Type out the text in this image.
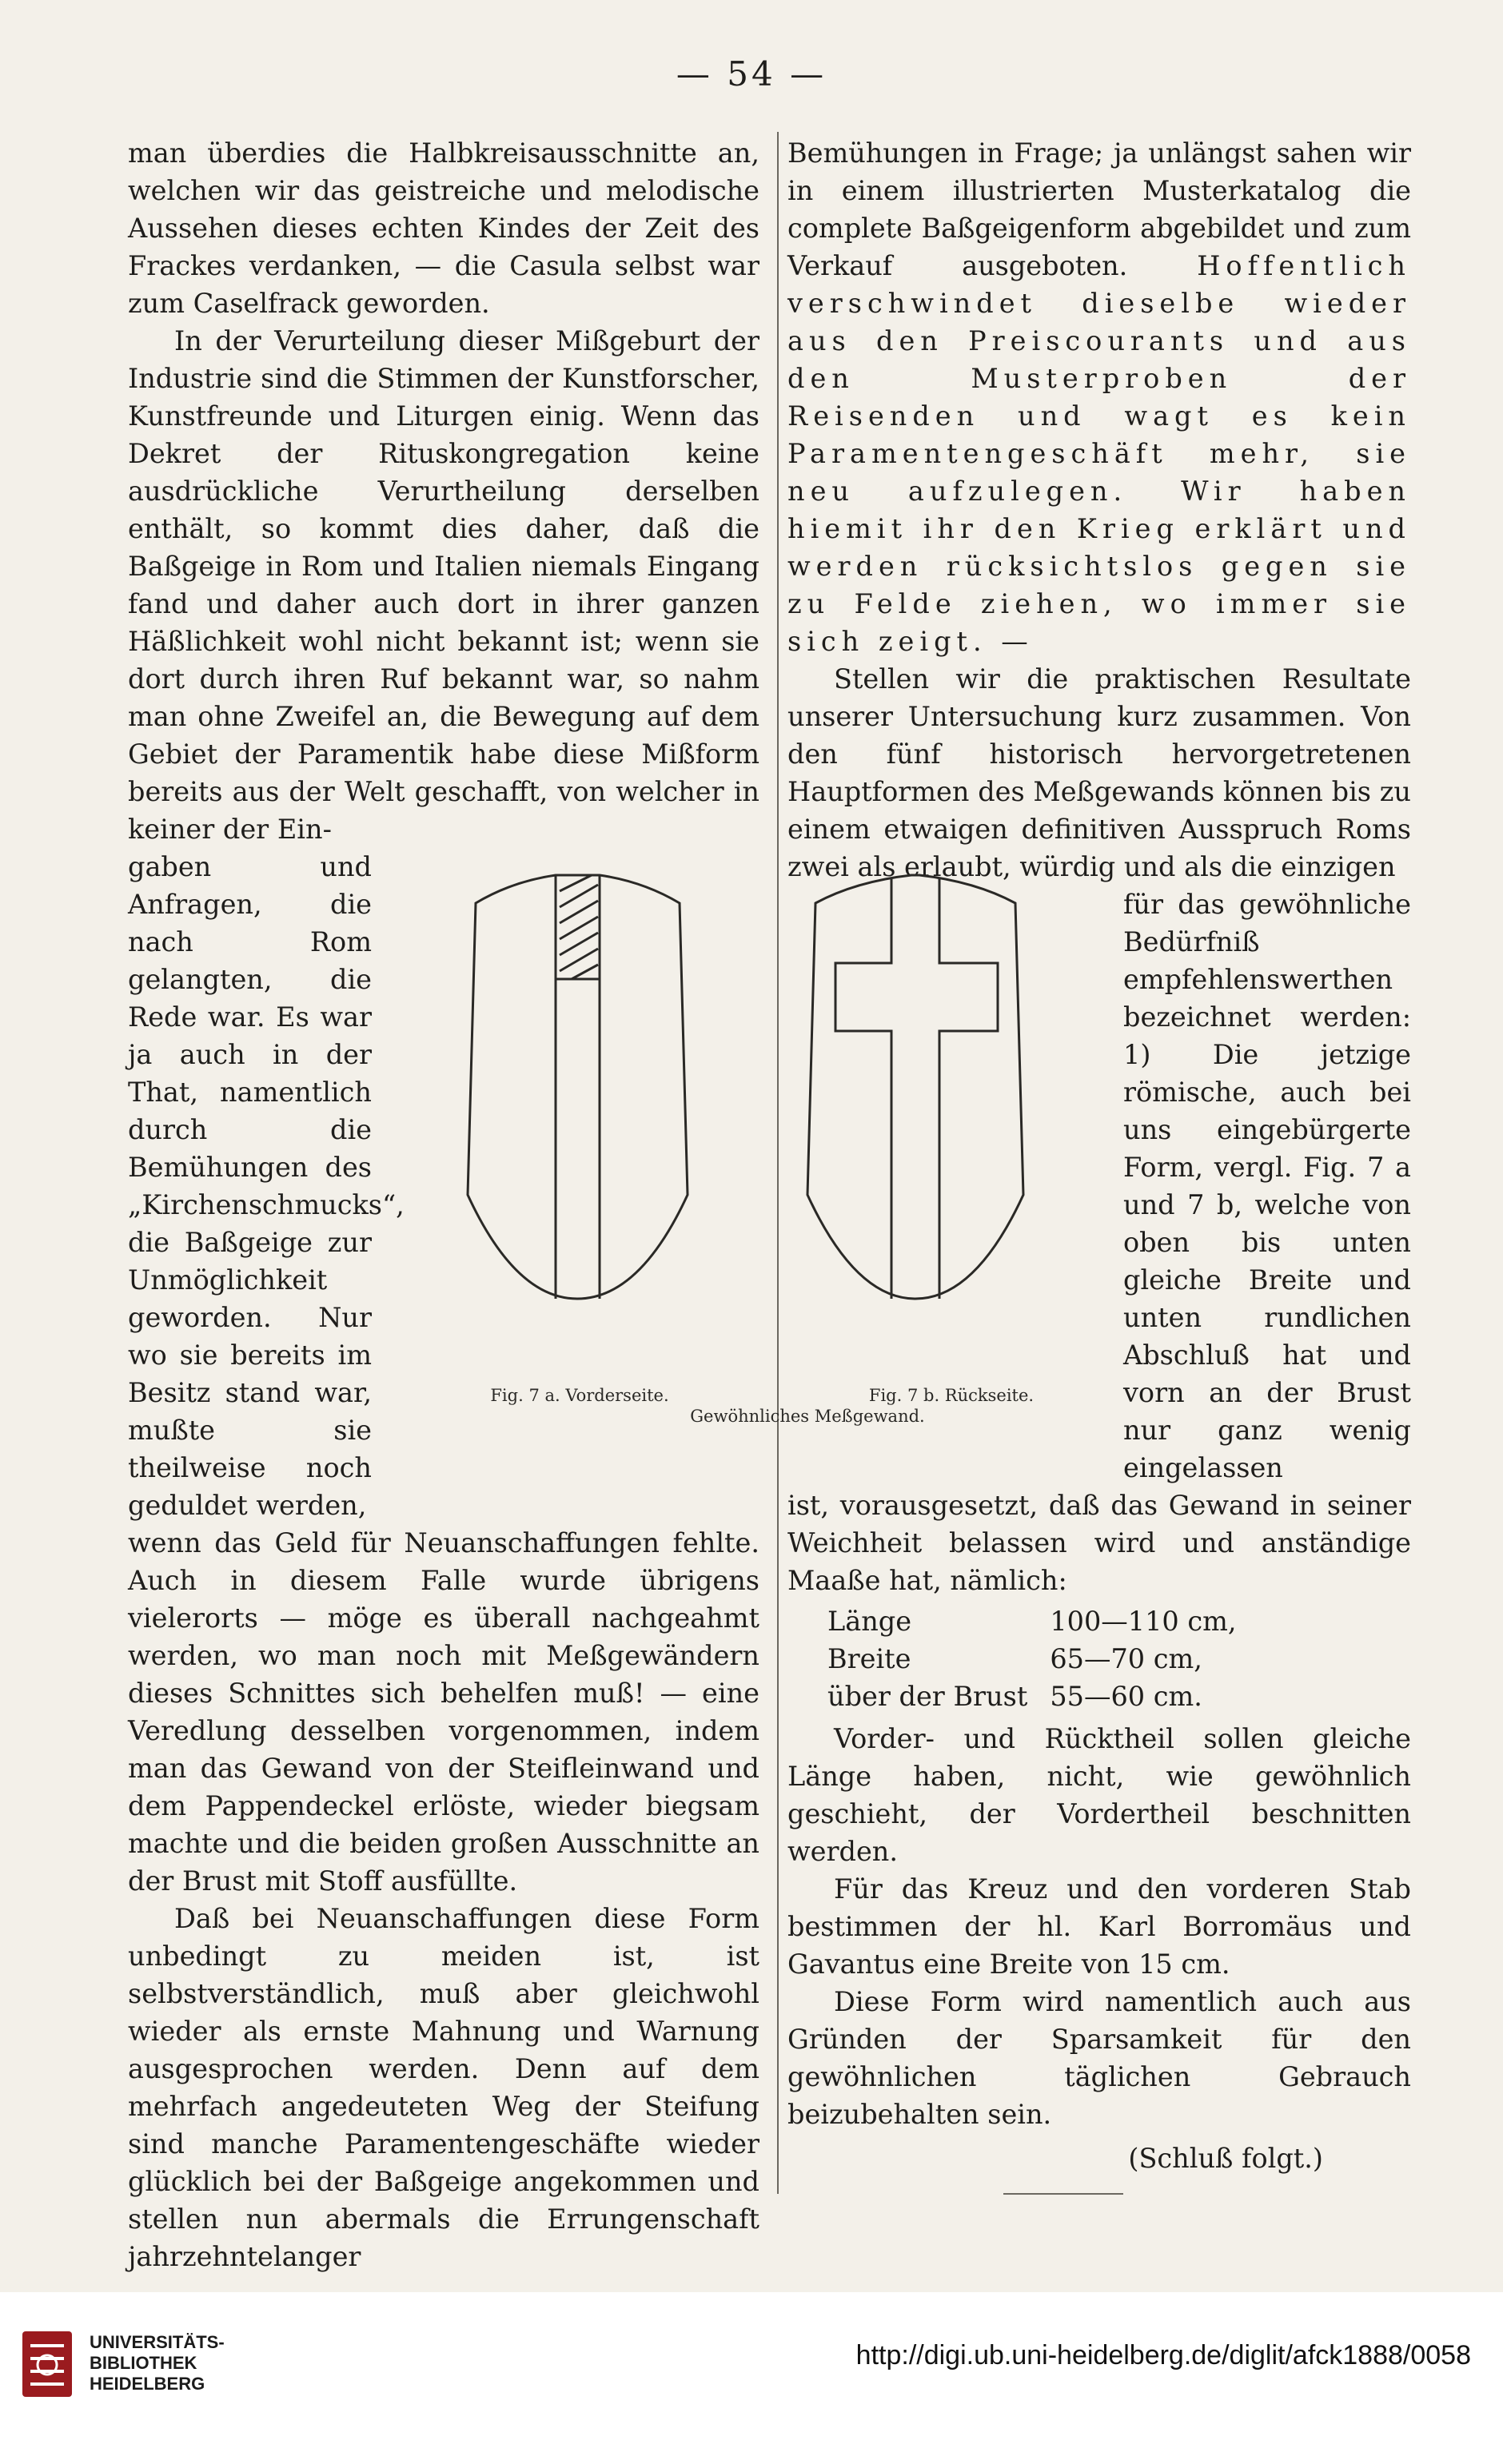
— 54 —

man überdies die Halbkreisausschnitte an, welchen wir das geistreiche und melodische Aussehen dieses echten Kindes der Zeit des Frackes verdanken, — die Casula selbst war zum Caselfrack geworden.

In der Verurteilung dieser Mißgeburt der Industrie sind die Stimmen der Kunstforscher, Kunstfreunde und Liturgen einig. Wenn das Dekret der Rituskongregation keine ausdrückliche Verurtheilung derselben enthält, so kommt dies daher, daß die Baßgeige in Rom und Italien niemals Eingang fand und daher auch dort in ihrer ganzen Häßlichkeit wohl nicht bekannt ist; wenn sie dort durch ihren Ruf bekannt war, so nahm man ohne Zweifel an, die Bewegung auf dem Gebiet der Paramentik habe diese Mißform bereits aus der Welt geschafft, von welcher in keiner der Ein-

gaben und Anfragen, die nach Rom gelangten, die Rede war. Es war ja auch in der That, namentlich durch die Bemühungen des „Kirchenschmucks“, die Baßgeige zur Unmöglichkeit geworden. Nur wo sie bereits im Besitz stand war, mußte sie theilweise noch geduldet werden,

wenn das Geld für Neuanschaffungen fehlte. Auch in diesem Falle wurde übrigens vielerorts — möge es überall nachgeahmt werden, wo man noch mit Meßgewändern dieses Schnittes sich behelfen muß! — eine Veredlung desselben vorgenommen, indem man das Gewand von der Steifleinwand und dem Pappendeckel erlöste, wieder biegsam machte und die beiden großen Ausschnitte an der Brust mit Stoff ausfüllte.

Daß bei Neuanschaffungen diese Form unbedingt zu meiden ist, ist selbstverständlich, muß aber gleichwohl wieder als ernste Mahnung und Warnung ausgesprochen werden. Denn auf dem mehrfach angedeuteten Weg der Steifung sind manche Paramentengeschäfte wieder glücklich bei der Baßgeige angekommen und stellen nun abermals die Errungenschaft jahrzehntelanger

Bemühungen in Frage; ja unlängst sahen wir in einem illustrierten Musterkatalog die complete Baßgeigenform abgebildet und zum Verkauf ausgeboten.	Hoffentlich verschwindet dieselbe wieder aus den Preiscourants und aus den Musterproben der Reisenden und wagt es kein Paramentengeschäft mehr, sie neu aufzulegen. Wir haben hiemit ihr den Krieg erklärt und werden rücksichtslos gegen sie zu Felde ziehen, wo immer sie sich zeigt. —

Stellen wir die praktischen Resultate unserer Untersuchung kurz zusammen. Von den fünf historisch hervorgetretenen Hauptformen des Meßgewands können bis zu einem etwaigen definitiven Ausspruch Roms zwei als erlaubt, würdig und als die einzigen

für das gewöhnliche Bedürfniß empfehlenswerthen bezeichnet werden: 1) Die jetzige römische, auch bei uns eingebürgerte Form, vergl. Fig. 7 a und 7 b, welche von oben bis unten gleiche Breite und unten rundlichen Abschluß hat und vorn an der Brust nur ganz wenig eingelassen

ist, vorausgesetzt, daß das Gewand in seiner Weichheit belassen wird und anständige Maaße hat, nämlich:

Länge	100—110 cm,
Breite	65—70 cm,
über der Brust	55—60 cm.

Vorder- und Rücktheil sollen gleiche Länge haben, nicht, wie gewöhnlich geschieht, der Vordertheil beschnitten werden.

Für das Kreuz und den vorderen Stab bestimmen der hl. Karl Borromäus und Gavantus eine Breite von 15 cm.

Diese Form wird namentlich auch aus Gründen der Sparsamkeit für den gewöhnlichen täglichen Gebrauch beizubehalten sein.

(Schluß folgt.)

Fig. 7 a. Vorderseite.	Fig. 7 b. Rückseite.
Gewöhnliches Meßgewand.
UNIVERSITÄTS-
BIBLIOTHEK
HEIDELBERG
http://digi.ub.uni-heidelberg.de/diglit/afck1888/0058
